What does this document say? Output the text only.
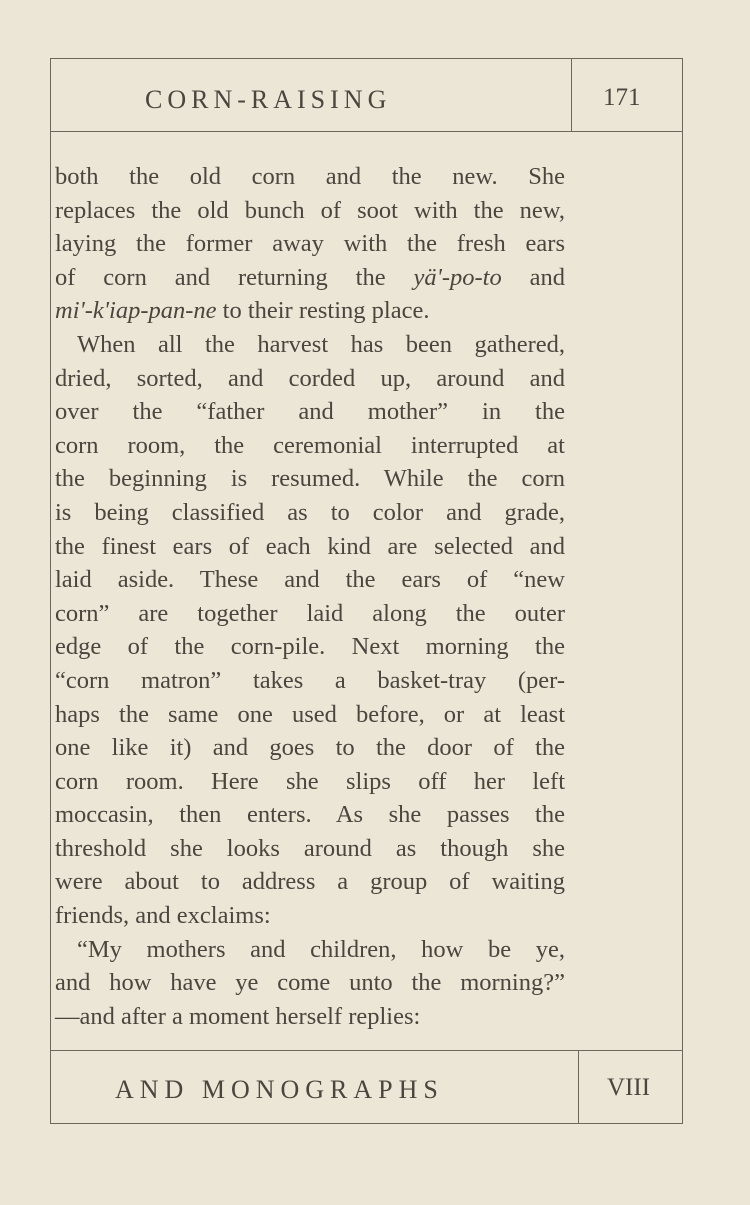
CORN-RAISING	171
both the old corn and the new. She
replaces the old bunch of soot with the new,
laying the former away with the fresh ears
of corn and returning the yä'-po-to and
mi'-k'iap-pan-ne to their resting place.
When all the harvest has been gathered,
dried, sorted, and corded up, around and
over the “father and mother” in the
corn room, the ceremonial interrupted at
the beginning is resumed. While the corn
is being classified as to color and grade,
the finest ears of each kind are selected and
laid aside. These and the ears of “new
corn” are together laid along the outer
edge of the corn-pile. Next morning the
“corn matron” takes a basket-tray (per-
haps the same one used before, or at least
one like it) and goes to the door of the
corn room. Here she slips off her left
moccasin, then enters. As she passes the
threshold she looks around as though she
were about to address a group of waiting
friends, and exclaims:
“My mothers and children, how be ye,
and how have ye come unto the morning?”
—and after a moment herself replies:
AND MONOGRAPHS	VIII
